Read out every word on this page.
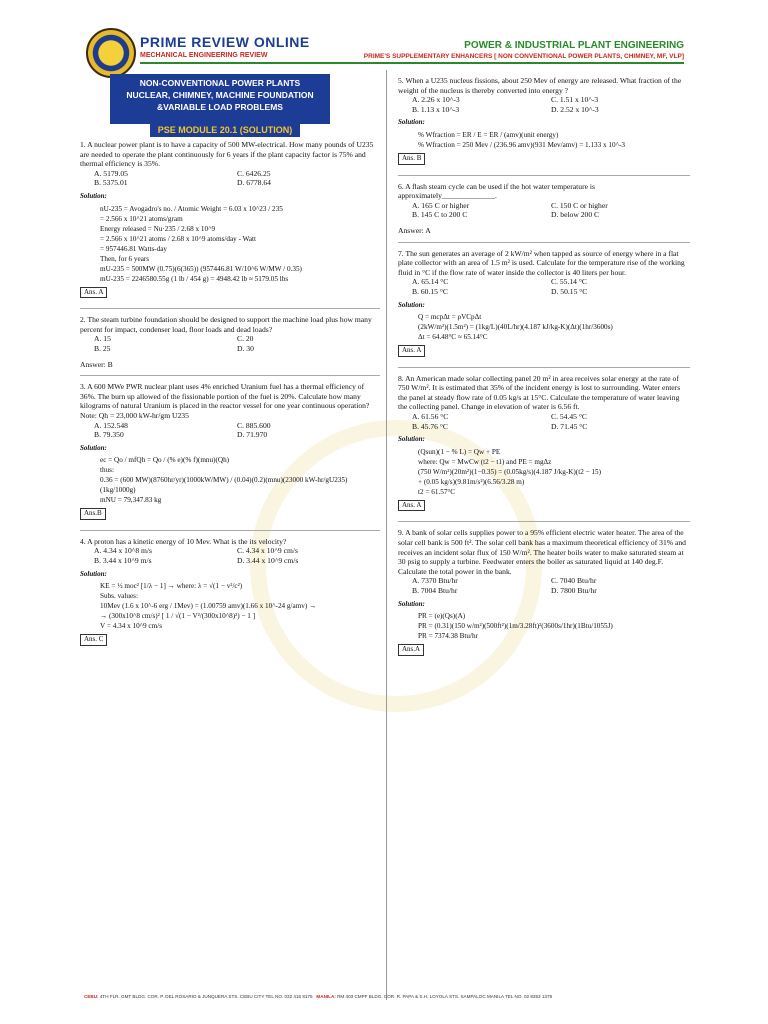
PRIME REVIEW ONLINE
MECHANICAL ENGINEERING REVIEW
POWER & INDUSTRIAL PLANT ENGINEERING
PRIME'S SUPPLEMENTARY ENHANCERS [ NON CONVENTIONAL POWER PLANTS, CHIMNEY, MF, VLP]
NON-CONVENTIONAL POWER PLANTS
NUCLEAR, CHIMNEY, MACHINE FOUNDATION
&VARIABLE LOAD PROBLEMS
PSE MODULE 20.1 (SOLUTION)

1. A nuclear power plant is to have a capacity of 500 MW-electrical. How many pounds of U235 are needed to operate the plant continuously for 6 years if the plant capacity factor is 75% and thermal efficiency is 35%.

A. 5179.05	C. 6426.25
B. 5375.01	D. 6778.64
Solution:
nU-235 = Avogadro's no. / Atomic Weight = 6.03 x 10^23 / 235
= 2.566 x 10^21 atoms/gram
Energy released = Nu·235 / 2.68 x 10^9
= 2.566 x 10^21 atoms / 2.68 x 10^9 atoms/day - Watt
= 957446.81 Watts-day
Then, for 6 years
mU-235 = 500MW (0.75)(6(365)) (957446.81 W/10^6 W/MW / 0.35)
mU-235 = 2246580.55g (1 lb / 454 g) = 4948.42 lb ≈ 5179.05 lbs
Ans. A

2. The steam turbine foundation should be designed to support the machine load plus how many percent for impact, condenser load, floor loads and dead loads?

A. 15	C. 20
B. 25	D. 30

Answer: B

3. A 600 MWe PWR nuclear plant uses 4% enriched Uranium fuel has a thermal efficiency of 36%. The burn up allowed of the fissionable portion of the fuel is 20%. Calculate how many kilograms of natural Uranium is placed in the reactor vessel for one year continuous operation? Note: Qh = 23,000 kW-hr/gm U235

A. 152.548	C. 885.600
B. 79.350	D. 71.970
Solution:
ec = Qo / mfQh = Qo / (% e)(% f)(mnu)(Qh)
thus:
0.36 = (600 MW)(8760hr/yr)(1000kW/MW) / (0.04)(0.2)(mnu)(23000 kW-hr/gU235) (1kg/1000g)
mNU = 79,347.83 kg
Ans.B

4. A proton has a kinetic energy of 10 Mev. What is the its velocity?

A. 4.34 x 10^8 m/s	C. 4.34 x 10^9 cm/s
B. 3.44 x 10^9 m/s	D. 3.44 x 10^9 cm/s
Solution:
KE = ½ moc² [1/λ − 1] → where: λ = √(1 − v²/c²)
Subs. values:
10Mev (1.6 x 10^-6 erg / 1Mev) = (1.00759 amv)(1.66 x 10^-24 g/amv) →
→ (300x10^8 cm/s)² [ 1 / √(1 − V²/(300x10^8)²) − 1 ]
V = 4.34 x 10^9 cm/s
Ans. C

5. When a U235 nucleus fissions, about 250 Mev of energy are released. What fraction of the weight of the nucleus is thereby converted into energy ?

A. 2.26 x 10^-3	C. 1.51 x 10^-3
B. 1.13 x 10^-3	D. 2.52 x 10^-3
Solution:
% Wfraction = ER / E = ER / (amv)(unit energy)
% Wfraction = 250 Mev / (236.96 amv)(931 Mev/amv) = 1.133 x 10^-3
Ans. B

6. A flash steam cycle can be used if the hot water temperature is approximately______________.

A. 165 C or higher	C. 150 C or higher
B. 145 C to 200 C	D. below 200 C

Answer: A

7. The sun generates an average of 2 kW/m² when tapped as source of energy where in a flat plate collector with an area of 1.5 m² is used. Calculate for the temperature rise of the working fluid in °C if the flow rate of water inside the collector is 40 liters per hour.

A. 65.14 °C	C. 55.14 °C
B. 60.15 °C	D. 50.15 °C
Solution:
Q = mcpΔt = ρVCpΔt
(2kW/m²)(1.5m²) = (1kg/L)(40L/hr)(4.187 kJ/kg-K)(Δt)(1hr/3600s)
Δt = 64.48°C ≈ 65.14°C
Ans. A

8. An American made solar collecting panel 20 m² in area receives solar energy at the rate of 750 W/m². It is estimated that 35% of the incident energy is lost to surrounding. Water enters the panel at steady flow rate of 0.05 kg/s at 15°C. Calculate the temperature of water leaving the collecting panel. Change in elevation of water is 6.56 ft.

A. 61.56 °C	C. 54.45 °C
B. 45.76 °C	D. 71.45 °C
Solution:
(Qsun)(1 − % L) = Qw + PE
where: Qw = MwCw (t2 − t1) and PE = mgΔz
(750 W/m²)(20m²)(1−0.35) = (0.05kg/s)(4.187 J/kg-K)(t2 − 15)
+ (0.05 kg/s)(9.81m/s²)(6.56/3.28 m)
t2 = 61.57°C
Ans. A

9. A bank of solar cells supplies power to a 95% efficient electric water heater. The area of the solar cell bank is 500 ft². The solar cell bank has a maximum theoretical efficiency of 31% and receives an incident solar flux of 150 W/m². The heater boils water to make saturated steam at 30 psig to supply a turbine. Feedwater enters the boiler as saturated liquid at 140 deg.F. Calculate the total power in the bank.

A. 7370 Btu/hr	C. 7040 Btu/hr
B. 7004 Btu/hr	D. 7800 Btu/hr
Solution:
PR = (e)(Qs)(A)
PR = (0.31)(150 w/m²)(500ft²)(1m/3.28ft)²(3600s/1hr)(1Btu/1055J)
PR = 7374.38 Btu/hr
Ans.A
CEBU: 4TH FLR. GMT BLDG. COR. P. DEL ROSARIO & JUNQUERA STS. CEBU CITY TEL NO. 032 416 8175 MANILA: RM 403 CMPF BLDG. COR. R. PAPA & S.H. LOYOLA STS. SAMPALOC MANILA TEL NO. 02 8353 1379
